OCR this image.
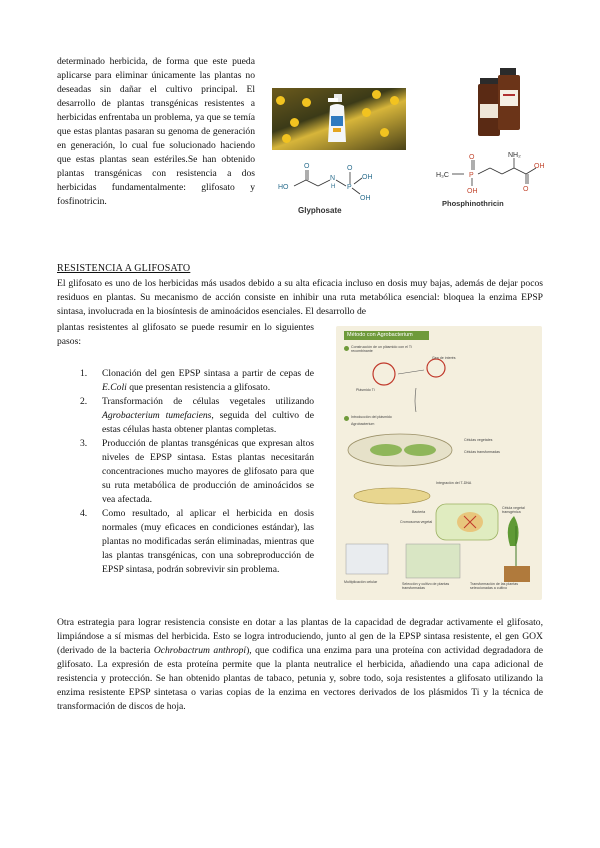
determinado herbicida, de forma que este pueda aplicarse para eliminar únicamente las plantas no deseadas sin dañar el cultivo principal. El desarrollo de plantas transgénicas resistentes a herbicidas enfrentaba un problema, ya que se temía que estas plantas pasaran su genoma de generación en generación, lo cual fue solucionado haciendo que estas plantas sean estériles.Se han obtenido plantas transgénicas con resistencia a dos herbicidas fundamentalmente: glifosato y fosfinotricin.
HO
N
H P
OH
OH
O
O
Glyphosate
H₃C	P
O
OH
NH₂
OH
O
Phosphinothricin
RESISTENCIA A GLIFOSATO
El glifosato es uno de los herbicidas más usados debido a su alta eficacia incluso en dosis muy bajas, además de dejar pocos residuos en plantas. Su mecanismo de acción consiste en inhibir una ruta metabólica esencial: bloquea la enzima EPSP sintasa, involucrada en la biosíntesis de aminoácidos esenciales. El desarrollo de
plantas resistentes al glifosato se puede resumir en lo siguientes pasos:
1. Clonación del gen EPSP sintasa a partir de cepas de E.Coli que presentan resistencia a glifosato.
2. Transformación de células vegetales utilizando Agrobacterium tumefaciens, seguida del cultivo de estas células hasta obtener plantas completas.
3. Producción de plantas transgénicas que expresan altos niveles de EPSP sintasa. Estas plantas necesitarán concentraciones mucho mayores de glifosato para que su ruta metabólica de producción de aminoácidos se vea afectada.
4. Como resultado, al aplicar el herbicida en dosis normales (muy eficaces en condiciones estándar), las plantas no modificadas serán eliminadas, mientras que las plantas transgénicas, con una sobreproducción de EPSP sintasa, podrán sobrevivir sin problema.
Método con Agrobacterium
Construcción de un plásmido con el Ti recombinante
Gen de interés
Plásmido Ti
Introducción del plásmido
Agrobacterium
Células vegetales
Células transformadas
Integración del T-DNA
Bacteria
Cromosoma vegetal
Célula vegetal transgénica
Multiplicación celular	Selección y cultivo de plantas transformadas
Transformación de las plantas seleccionadas a cultivo
Otra estrategia para lograr resistencia consiste en dotar a las plantas de la capacidad de degradar activamente el glifosato, limpiándose a sí mismas del herbicida. Esto se logra introduciendo, junto al gen de la EPSP sintasa resistente, el gen GOX (derivado de la bacteria Ochrobactrum anthropi), que codifica una enzima para una proteína con actividad degradadora de glifosato. La expresión de esta proteína permite que la planta neutralice el herbicida, añadiendo una capa adicional de resistencia y protección. Se han obtenido plantas de tabaco, petunia y, sobre todo, soja resistentes a glifosato utilizando la enzima resistente EPSP sintetasa o varias copias de la enzima en vectores derivados de los plásmidos Ti y la técnica de transformación de discos de hoja.
